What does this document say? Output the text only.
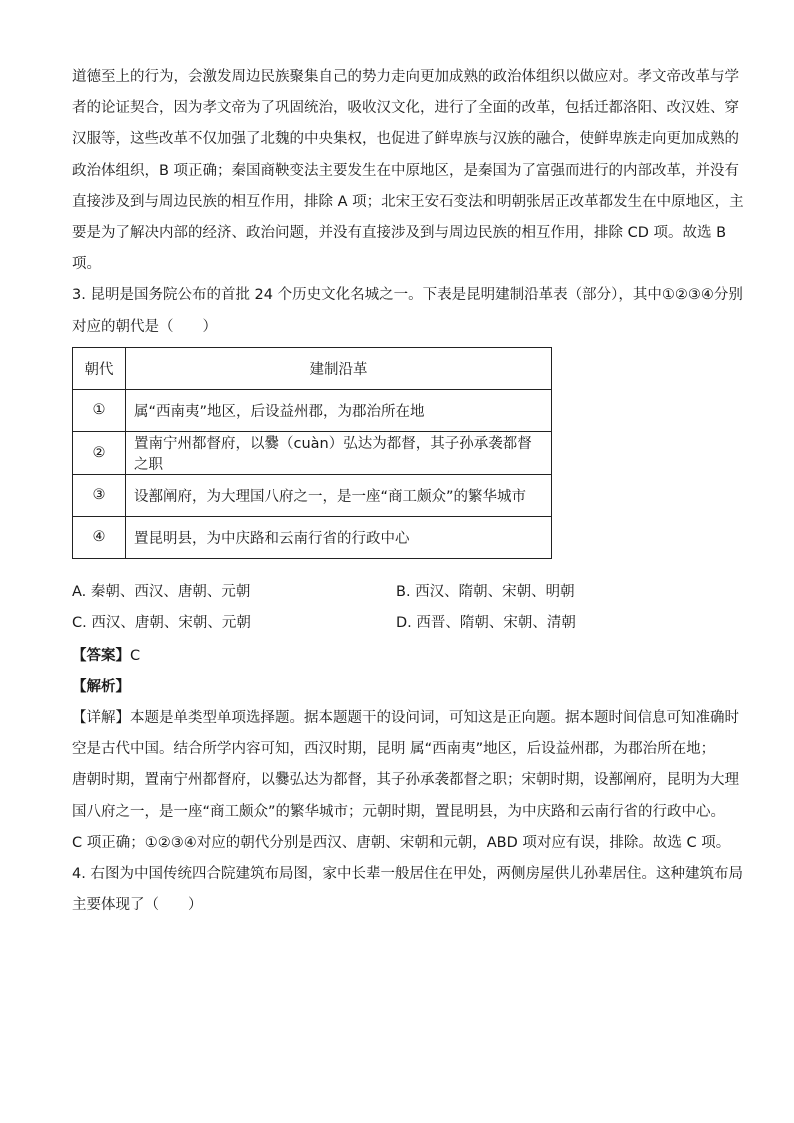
道德至上的行为，会激发周边民族聚集自己的势力走向更加成熟的政治体组织以做应对。孝文帝改革与学
者的论证契合，因为孝文帝为了巩固统治，吸收汉文化，进行了全面的改革，包括迁都洛阳、改汉姓、穿
汉服等，这些改革不仅加强了北魏的中央集权，也促进了鲜卑族与汉族的融合，使鲜卑族走向更加成熟的
政治体组织，B 项正确；秦国商鞅变法主要发生在中原地区，是秦国为了富强而进行的内部改革，并没有
直接涉及到与周边民族的相互作用，排除 A 项；北宋王安石变法和明朝张居正改革都发生在中原地区，主
要是为了解决内部的经济、政治问题，并没有直接涉及到与周边民族的相互作用，排除 CD 项。故选 B
项。
3. 昆明是国务院公布的首批 24 个历史文化名城之一。下表是昆明建制沿革表（部分），其中①②③④分别
对应的朝代是（　　）
朝代	建制沿革
①	属“西南夷”地区，后设益州郡，为郡治所在地
②	置南宁州都督府，以爨（cuàn）弘达为都督，其子孙承袭都督之职
③	设鄯阐府，为大理国八府之一，是一座“商工颇众”的繁华城市
④	置昆明县，为中庆路和云南行省的行政中心
A. 秦朝、西汉、唐朝、元朝	B. 西汉、隋朝、宋朝、明朝
C. 西汉、唐朝、宋朝、元朝	D. 西晋、隋朝、宋朝、清朝
【答案】C
【解析】
【详解】本题是单类型单项选择题。据本题题干的设问词，可知这是正向题。据本题时间信息可知准确时
空是古代中国。结合所学内容可知，西汉时期，昆明 属“西南夷”地区，后设益州郡，为郡治所在地；
唐朝时期，置南宁州都督府，以爨弘达为都督，其子孙承袭都督之职；宋朝时期，设鄯阐府，昆明为大理
国八府之一，是一座“商工颇众”的繁华城市；元朝时期，置昆明县，为中庆路和云南行省的行政中心。
C 项正确；①②③④对应的朝代分别是西汉、唐朝、宋朝和元朝，ABD 项对应有误，排除。故选 C 项。
4. 右图为中国传统四合院建筑布局图，家中长辈一般居住在甲处，两侧房屋供儿孙辈居住。这种建筑布局
主要体现了（　　）
